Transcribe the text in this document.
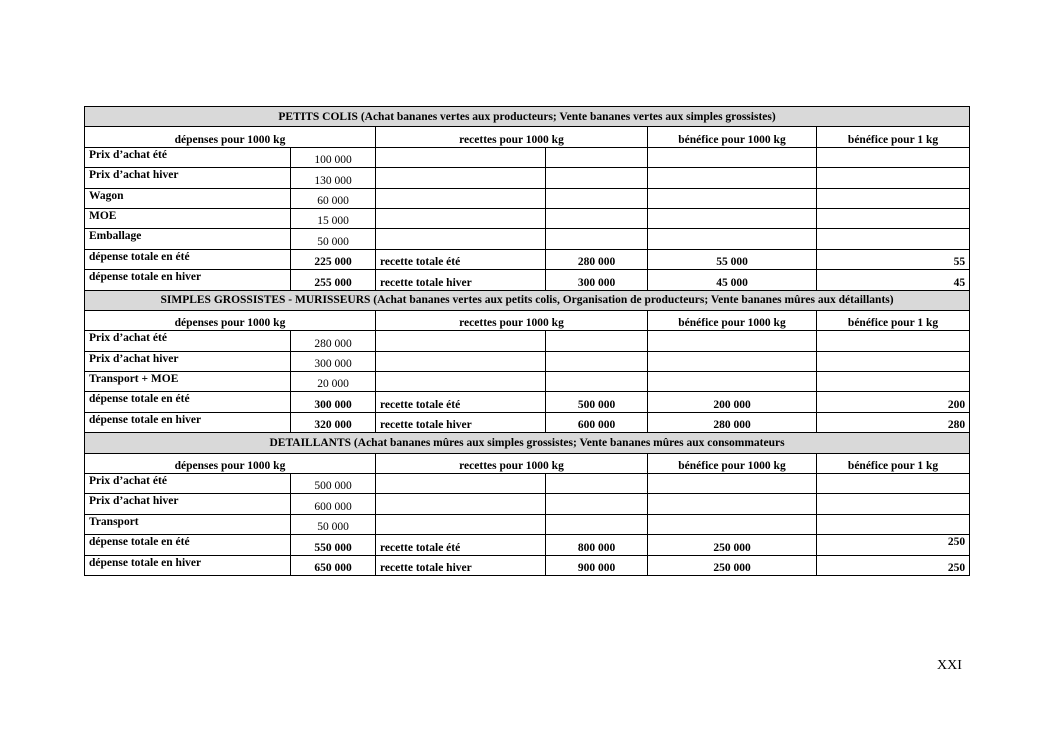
PETITS COLIS (Achat bananes vertes aux producteurs; Vente bananes vertes aux simples grossistes)					
dépenses pour 1000 kg		recettes pour 1000 kg		bénéfice pour 1000 kg	bénéfice pour 1 kg
Prix d’achat été	100 000				
Prix d’achat hiver	130 000				
Wagon	60 000				
MOE	15 000				
Emballage	50 000				
dépense totale en été	225 000	recette totale été	280 000	55 000	55
dépense totale en hiver	255 000	recette totale hiver	300 000	45 000	45
SIMPLES GROSSISTES - MURISSEURS (Achat bananes vertes aux petits colis, Organisation de producteurs; Vente bananes mûres aux détaillants)					
dépenses pour 1000 kg		recettes pour 1000 kg		bénéfice pour 1000 kg	bénéfice pour 1 kg
Prix d’achat été	280 000				
Prix d’achat hiver	300 000				
Transport + MOE	20 000				
dépense totale en été	300 000	recette totale été	500 000	200 000	200
dépense totale en hiver	320 000	recette totale hiver	600 000	280 000	280
DETAILLANTS (Achat bananes mûres aux simples grossistes; Vente bananes mûres aux consommateurs					
dépenses pour 1000 kg		recettes pour 1000 kg		bénéfice pour 1000 kg	bénéfice pour 1 kg
Prix d’achat été	500 000				
Prix d’achat hiver	600 000				
Transport	50 000				
dépense totale en été	550 000	recette totale été	800 000	250 000	250
dépense totale en hiver	650 000	recette totale hiver	900 000	250 000	250
XXI
